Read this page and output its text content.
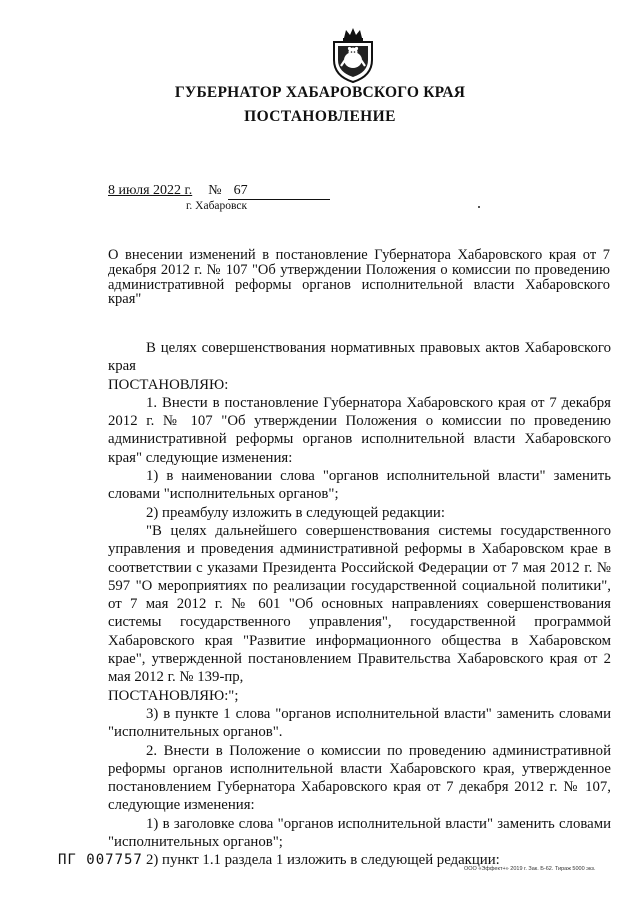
ГУБЕРНАТОР ХАБАРОВСКОГО КРАЯ
ПОСТАНОВЛЕНИЕ
8 июля 2022 г. № 67
г. Хабаровск
О внесении изменений в постановление Губернатора Хабаровского края от 7 декабря 2012 г. № 107 "Об утверждении Положения о комиссии по проведению административной реформы органов исполнительной власти Хабаровского края"

В целях совершенствования нормативных правовых актов Хабаровского края

ПОСТАНОВЛЯЮ:

1. Внести в постановление Губернатора Хабаровского края от 7 декабря 2012 г. № 107 "Об утверждении Положения о комиссии по проведению административной реформы органов исполнительной власти Хабаровского края" следующие изменения:

1) в наименовании слова "органов исполнительной власти" заменить словами "исполнительных органов";

2) преамбулу изложить в следующей редакции:

"В целях дальнейшего совершенствования системы государственного управления и проведения административной реформы в Хабаровском крае в соответствии с указами Президента Российской Федерации от 7 мая 2012 г. № 597 "О мероприятиях по реализации государственной социальной политики", от 7 мая 2012 г. № 601 "Об основных направлениях совершенствования системы государственного управления", государственной программой Хабаровского края "Развитие информационного общества в Хабаровском крае", утвержденной постановлением Правительства Хабаровского края от 2 мая 2012 г. № 139-пр,

ПОСТАНОВЛЯЮ:";

3) в пункте 1 слова "органов исполнительной власти" заменить словами "исполнительных органов".

2. Внести в Положение о комиссии по проведению административной реформы органов исполнительной власти Хабаровского края, утвержденное постановлением Губернатора Хабаровского края от 7 декабря 2012 г. № 107, следующие изменения:

1) в заголовке слова "органов исполнительной власти" заменить словами "исполнительных органов";

2) пункт 1.1 раздела 1 изложить в следующей редакции:

ПГ 007757
ООО «Эффект+» 2019 г. Зак. Б-62. Тираж 5000 экз.
